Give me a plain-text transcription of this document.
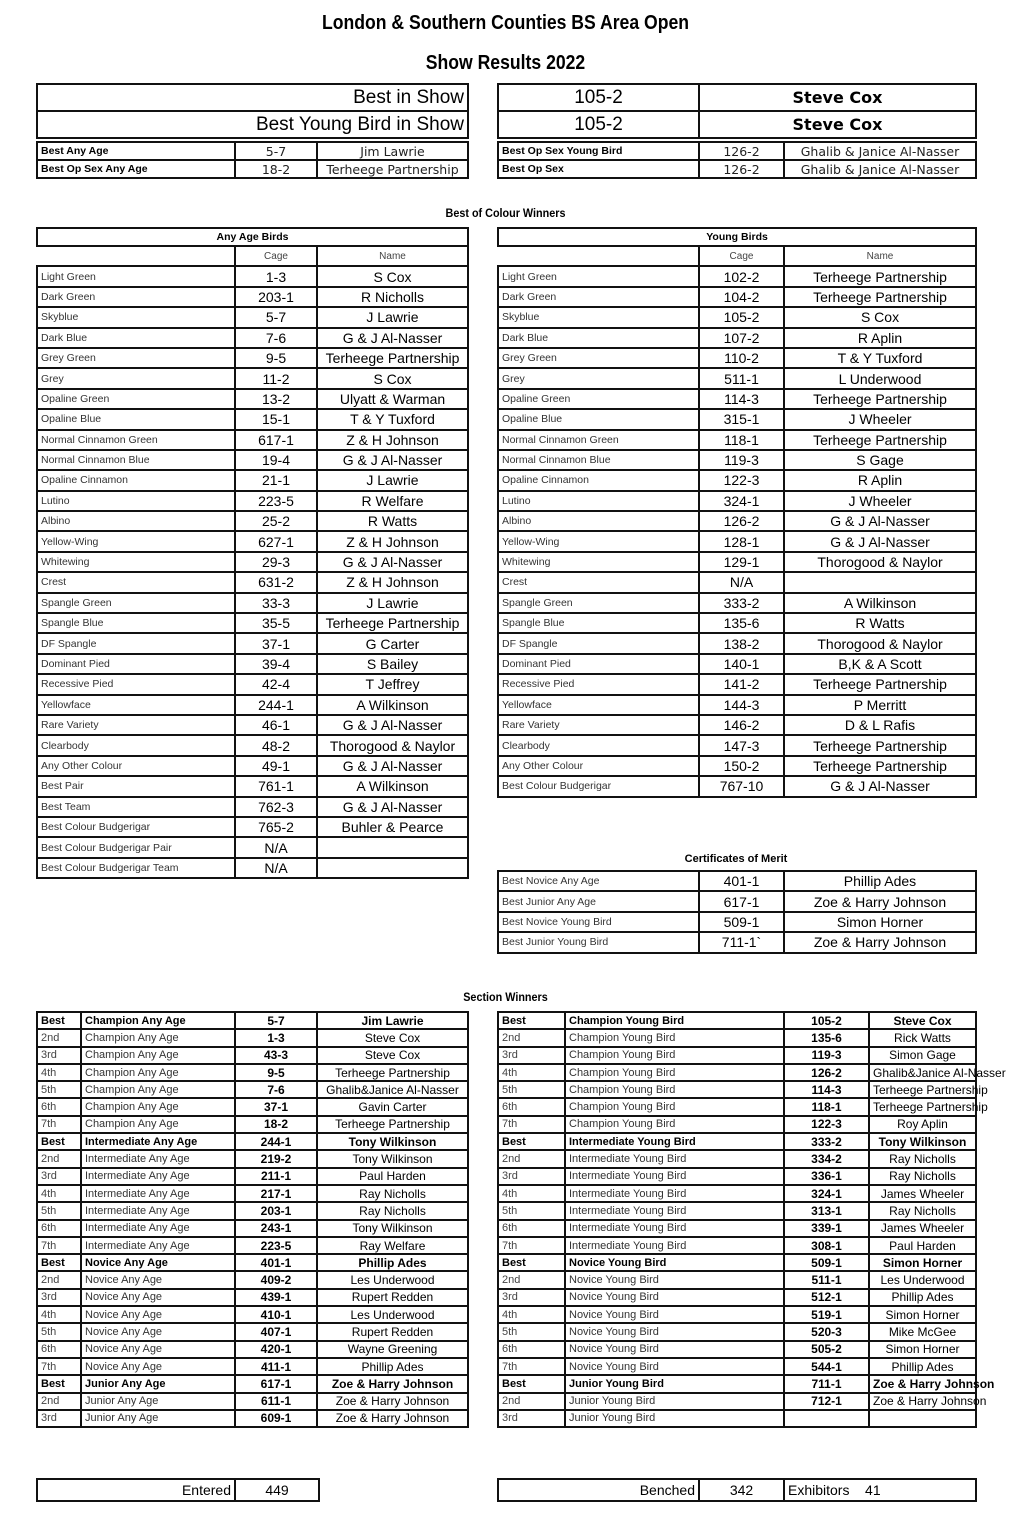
London & Southern Counties BS Area Open
Show Results 2022
Best in Show
Best Young Bird in Show
Best Any Age	5-7	Jim Lawrie
Best Op Sex Any Age	18-2	Terheege Partnership
105-2	Steve Cox
105-2	Steve Cox
Best Op Sex Young Bird	126-2	Ghalib & Janice Al-Nasser
Best Op Sex	126-2	Ghalib & Janice Al-Nasser
Best of Colour Winners
Any Age Birds		
	Cage	Name
Light Green	1-3	S Cox
Dark Green	203-1	R Nicholls
Skyblue	5-7	J Lawrie
Dark Blue	7-6	G & J Al-Nasser
Grey Green	9-5	Terheege Partnership
Grey	11-2	S Cox
Opaline Green	13-2	Ulyatt & Warman
Opaline Blue	15-1	T & Y Tuxford
Normal Cinnamon Green	617-1	Z & H Johnson
Normal Cinnamon Blue	19-4	G & J Al-Nasser
Opaline Cinnamon	21-1	J Lawrie
Lutino	223-5	R Welfare
Albino	25-2	R Watts
Yellow-Wing	627-1	Z & H Johnson
Whitewing	29-3	G & J Al-Nasser
Crest	631-2	Z & H Johnson
Spangle Green	33-3	J Lawrie
Spangle Blue	35-5	Terheege Partnership
DF Spangle	37-1	G Carter
Dominant Pied	39-4	S Bailey
Recessive Pied	42-4	T Jeffrey
Yellowface	244-1	A Wilkinson
Rare Variety	46-1	G & J Al-Nasser
Clearbody	48-2	Thorogood & Naylor
Any Other Colour	49-1	G & J Al-Nasser
Best Pair	761-1	A Wilkinson
Best Team	762-3	G & J Al-Nasser
Best Colour Budgerigar	765-2	Buhler & Pearce
Best Colour Budgerigar Pair	N/A	
Best Colour Budgerigar Team	N/A	
Young Birds		
	Cage	Name
Light Green	102-2	Terheege Partnership
Dark Green	104-2	Terheege Partnership
Skyblue	105-2	S Cox
Dark Blue	107-2	R Aplin
Grey Green	110-2	T & Y Tuxford
Grey	511-1	L Underwood
Opaline Green	114-3	Terheege Partnership
Opaline Blue	315-1	J Wheeler
Normal Cinnamon Green	118-1	Terheege Partnership
Normal Cinnamon Blue	119-3	S Gage
Opaline Cinnamon	122-3	R Aplin
Lutino	324-1	J Wheeler
Albino	126-2	G & J Al-Nasser
Yellow-Wing	128-1	G & J Al-Nasser
Whitewing	129-1	Thorogood & Naylor
Crest	N/A	
Spangle Green	333-2	A Wilkinson
Spangle Blue	135-6	R Watts
DF Spangle	138-2	Thorogood & Naylor
Dominant Pied	140-1	B,K & A Scott
Recessive Pied	141-2	Terheege Partnership
Yellowface	144-3	P Merritt
Rare Variety	146-2	D & L Rafis
Clearbody	147-3	Terheege Partnership
Any Other Colour	150-2	Terheege Partnership
Best Colour Budgerigar	767-10	G & J Al-Nasser
Certificates of Merit
Best Novice Any Age	401-1	Phillip Ades
Best Junior Any Age	617-1	Zoe & Harry Johnson
Best Novice Young Bird	509-1	Simon Horner
Best Junior Young Bird	711-1`	Zoe & Harry Johnson
Section Winners
Best	Champion Any Age	5-7	Jim Lawrie
2nd	Champion Any Age	1-3	Steve Cox
3rd	Champion Any Age	43-3	Steve Cox
4th	Champion Any Age	9-5	Terheege Partnership
5th	Champion Any Age	7-6	Ghalib&Janice Al-Nasser
6th	Champion Any Age	37-1	Gavin Carter
7th	Champion Any Age	18-2	Terheege Partnership
Best	Intermediate Any Age	244-1	Tony Wilkinson
2nd	Intermediate Any Age	219-2	Tony Wilkinson
3rd	Intermediate Any Age	211-1	Paul Harden
4th	Intermediate Any Age	217-1	Ray Nicholls
5th	Intermediate Any Age	203-1	Ray Nicholls
6th	Intermediate Any Age	243-1	Tony Wilkinson
7th	Intermediate Any Age	223-5	Ray Welfare
Best	Novice Any Age	401-1	Phillip Ades
2nd	Novice Any Age	409-2	Les Underwood
3rd	Novice Any Age	439-1	Rupert Redden
4th	Novice Any Age	410-1	Les Underwood
5th	Novice Any Age	407-1	Rupert Redden
6th	Novice Any Age	420-1	Wayne Greening
7th	Novice Any Age	411-1	Phillip Ades
Best	Junior Any Age	617-1	Zoe & Harry Johnson
2nd	Junior Any Age	611-1	Zoe & Harry Johnson
3rd	Junior Any Age	609-1	Zoe & Harry Johnson
Best	Champion Young Bird	105-2	Steve Cox
2nd	Champion Young Bird	135-6	Rick Watts
3rd	Champion Young Bird	119-3	Simon Gage
4th	Champion Young Bird	126-2	Ghalib&Janice Al-Nasser
5th	Champion Young Bird	114-3	Terheege Partnership
6th	Champion Young Bird	118-1	Terheege Partnership
7th	Champion Young Bird	122-3	Roy Aplin
Best	Intermediate Young Bird	333-2	Tony Wilkinson
2nd	Intermediate Young Bird	334-2	Ray Nicholls
3rd	Intermediate Young Bird	336-1	Ray Nicholls
4th	Intermediate Young Bird	324-1	James Wheeler
5th	Intermediate Young Bird	313-1	Ray Nicholls
6th	Intermediate Young Bird	339-1	James Wheeler
7th	Intermediate Young Bird	308-1	Paul Harden
Best	Novice Young Bird	509-1	Simon Horner
2nd	Novice Young Bird	511-1	Les Underwood
3rd	Novice Young Bird	512-1	Phillip Ades
4th	Novice Young Bird	519-1	Simon Horner
5th	Novice Young Bird	520-3	Mike McGee
6th	Novice Young Bird	505-2	Simon Horner
7th	Novice Young Bird	544-1	Phillip Ades
Best	Junior Young Bird	711-1	Zoe & Harry Johnson
2nd	Junior Young Bird	712-1	Zoe & Harry Johnson
3rd	Junior Young Bird		
Entered	449	Benched	342	Exhibitors 41
